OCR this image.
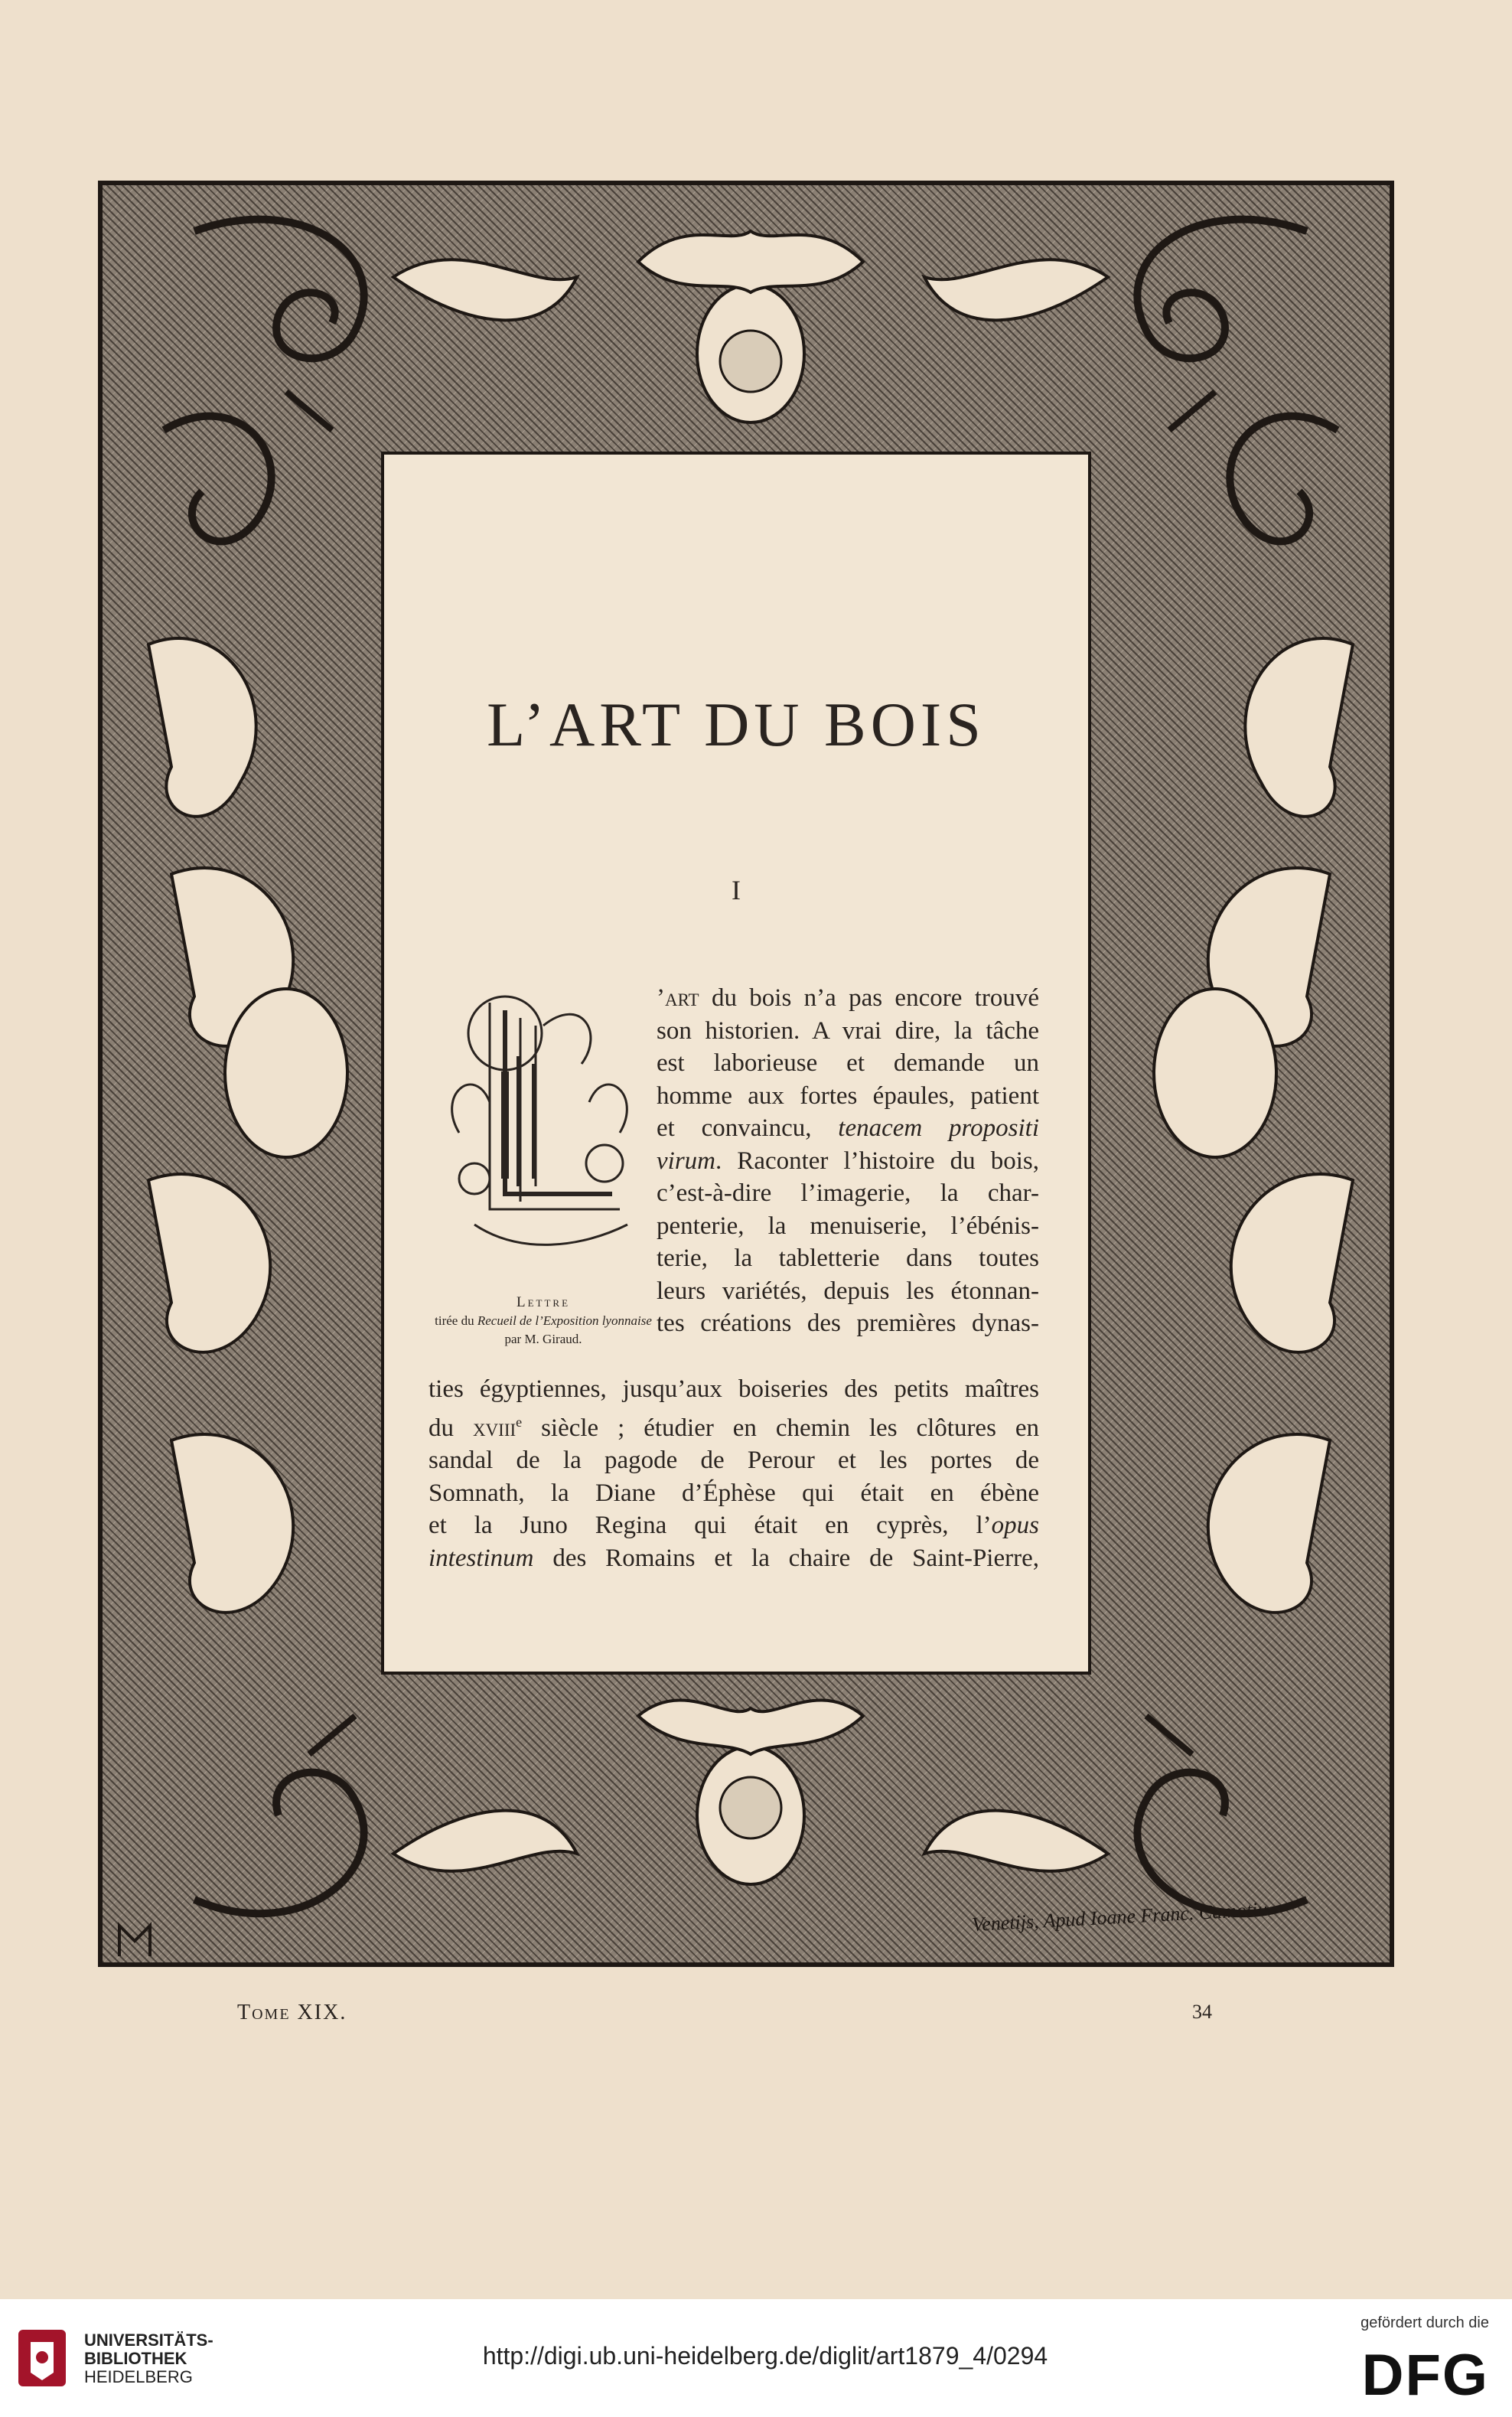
L’ART DU BOIS
I
Lettre
tirée du Recueil de l’Exposition lyonnaise
par M. Giraud.
’art du bois n’a pas encore trouvé
son historien. A vrai dire, la tâche
est laborieuse et demande un
homme aux fortes épaules, patient
et convaincu, tenacem propositi
virum. Raconter l’histoire du bois,
c’est-à-dire l’imagerie, la char-
penterie, la menuiserie, l’ébénis-
terie, la tabletterie dans toutes
leurs variétés, depuis les étonnan-
tes créations des premières dynas-
ties égyptiennes, jusqu’aux boiseries des petits maîtres
du xviii$^e$ siècle ; étudier en chemin les clôtures en
sandal de la pagode de Perour et les portes de
Somnath, la Diane d’Éphèse qui était en ébène
et la Juno Regina qui était en cyprès, l’opus
intestinum des Romains et la chaire de Saint-Pierre,
Venetijs, Apud Ioane Franc. Camotiu
Tome XIX.	34
UNIVERSITÄTS-
BIBLIOTHEK
HEIDELBERG
http://digi.ub.uni-heidelberg.de/diglit/art1879_4/0294
gefördert durch die
DFG
